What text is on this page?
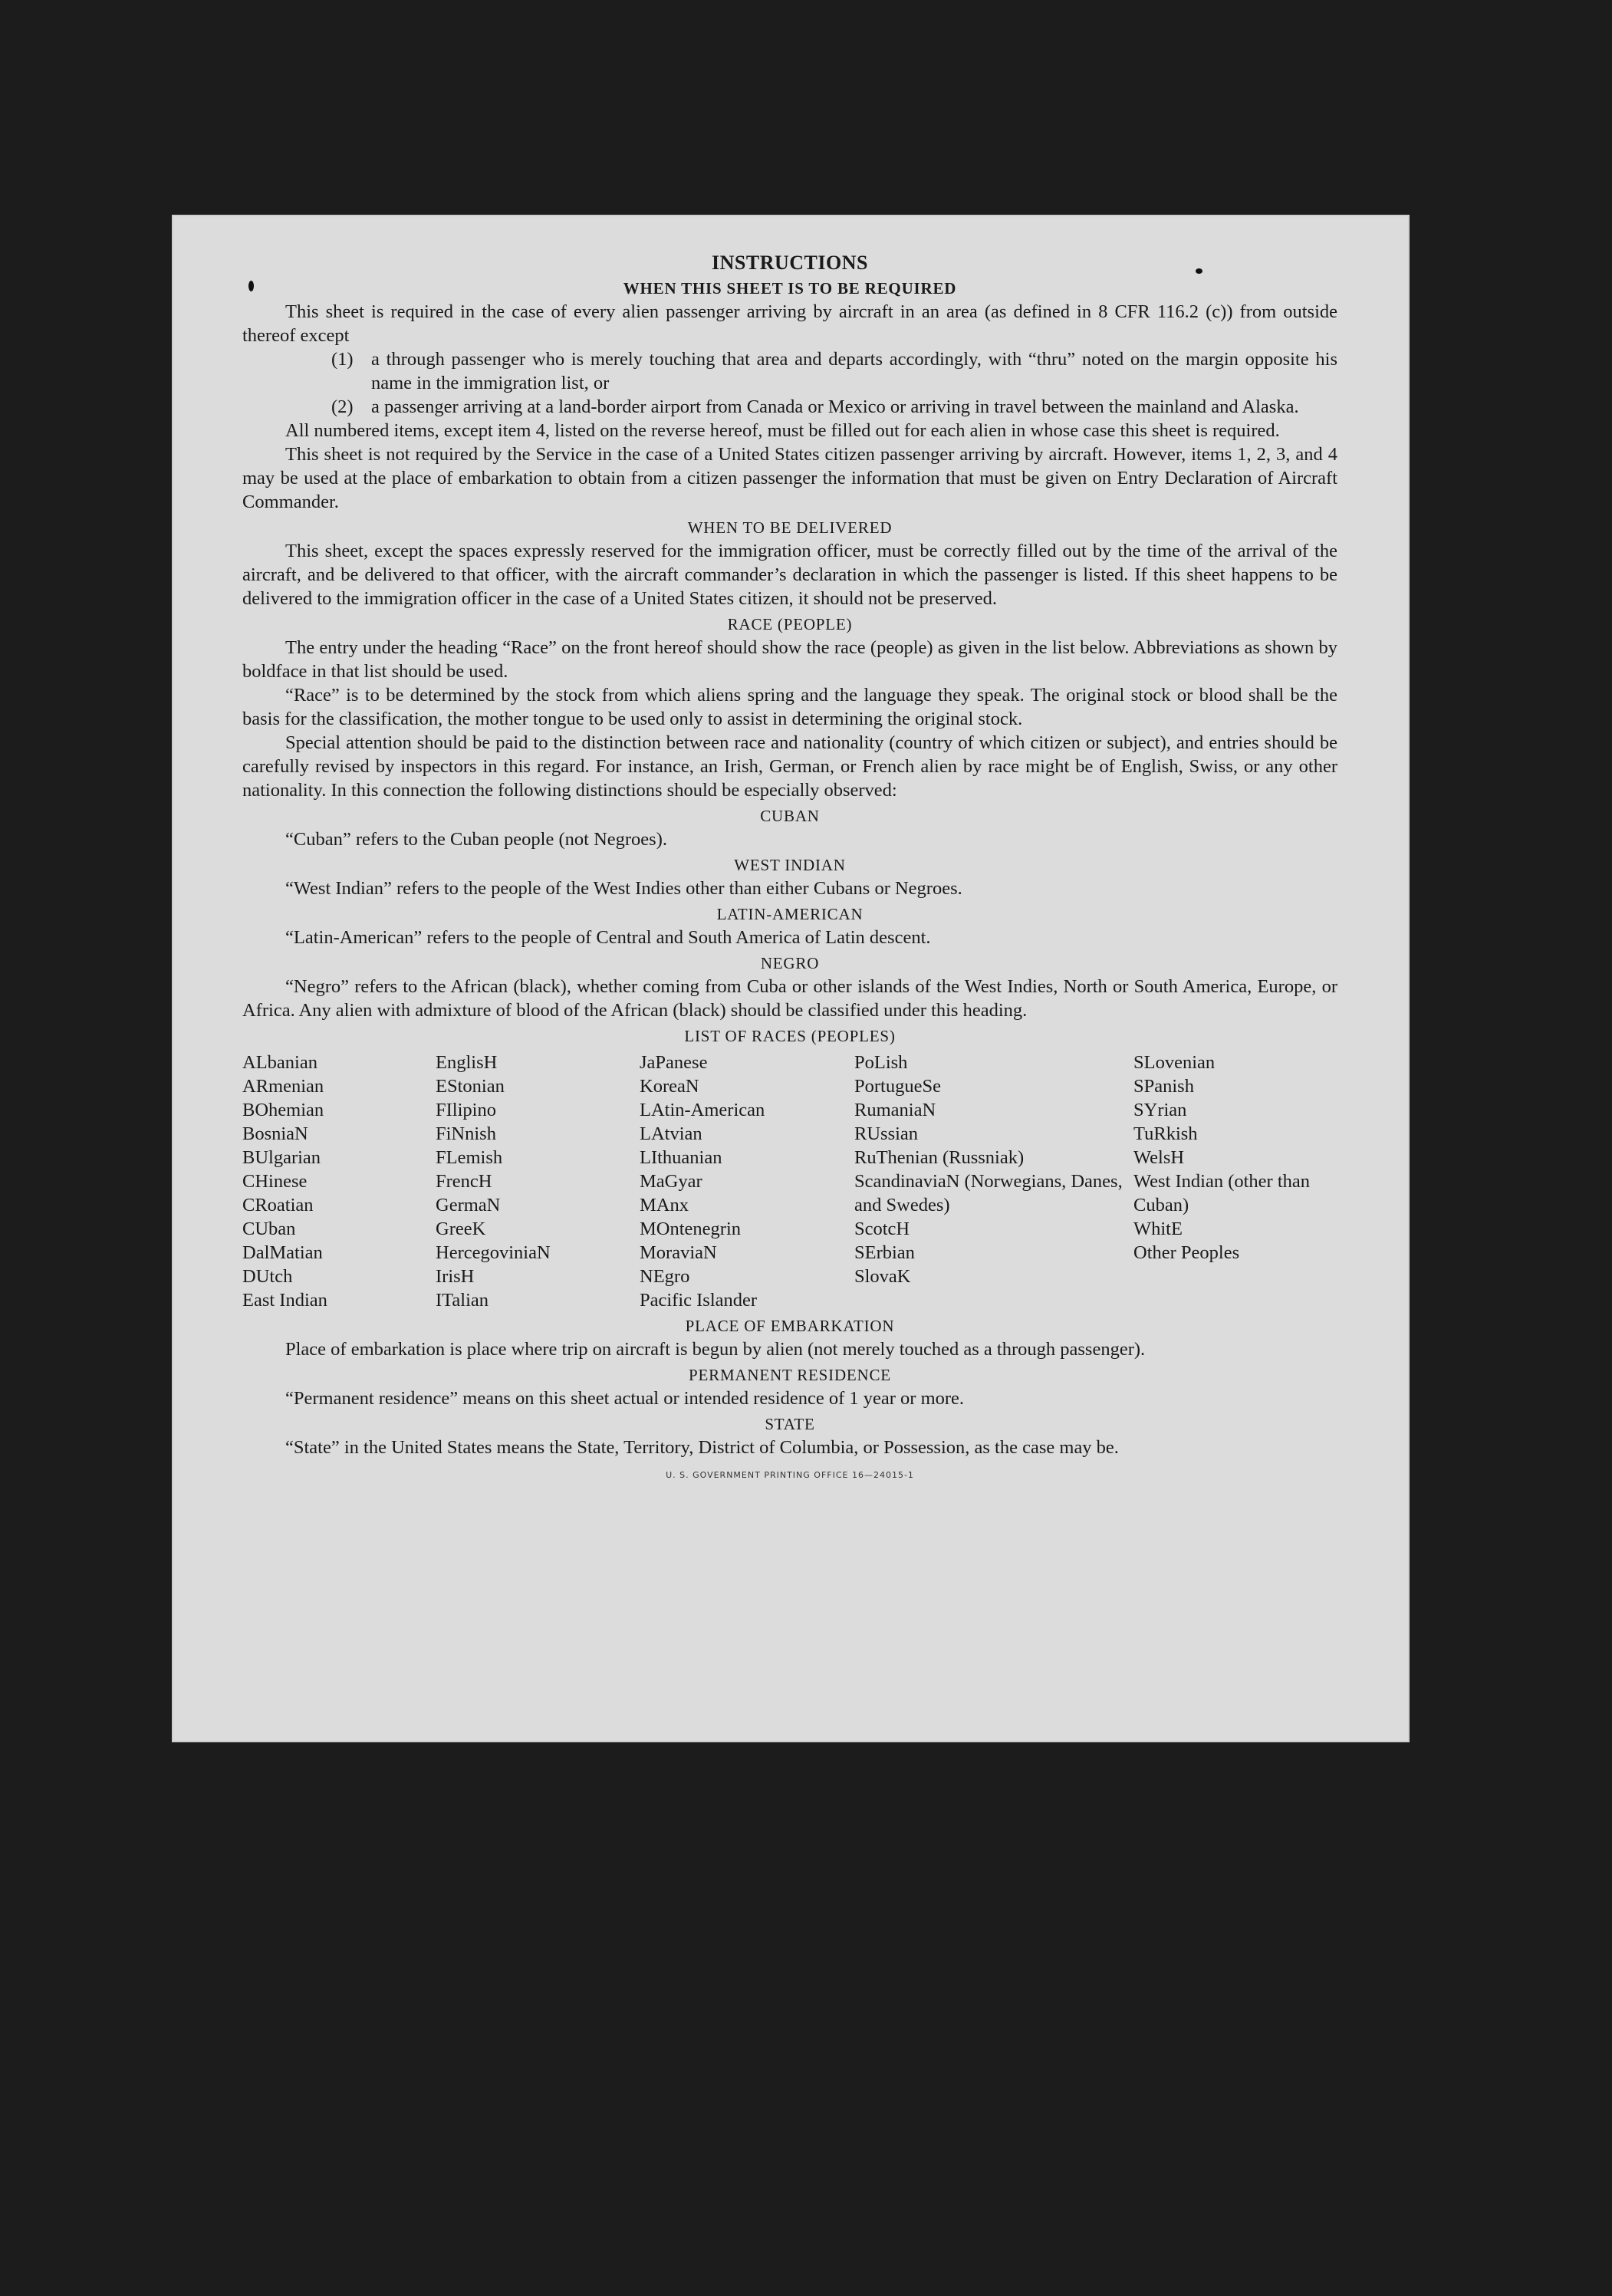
INSTRUCTIONS
WHEN THIS SHEET IS TO BE REQUIRED

This sheet is required in the case of every alien passenger arriving by aircraft in an area (as defined in 8 CFR 116.2 (c)) from outside thereof except

(1) a through passenger who is merely touching that area and departs accordingly, with “thru” noted on the margin opposite his name in the immigration list, or
(2) a passenger arriving at a land-border airport from Canada or Mexico or arriving in travel between the mainland and Alaska.

All numbered items, except item 4, listed on the reverse hereof, must be filled out for each alien in whose case this sheet is required.

This sheet is not required by the Service in the case of a United States citizen passenger arriving by aircraft. However, items 1, 2, 3, and 4 may be used at the place of embarkation to obtain from a citizen passenger the information that must be given on Entry Declaration of Aircraft Commander.

WHEN TO BE DELIVERED

This sheet, except the spaces expressly reserved for the immigration officer, must be correctly filled out by the time of the arrival of the aircraft, and be delivered to that officer, with the aircraft commander’s declaration in which the passenger is listed. If this sheet happens to be delivered to the immigration officer in the case of a United States citizen, it should not be preserved.

RACE (PEOPLE)

The entry under the heading “Race” on the front hereof should show the race (people) as given in the list below. Abbreviations as shown by boldface in that list should be used.

“Race” is to be determined by the stock from which aliens spring and the language they speak. The original stock or blood shall be the basis for the classification, the mother tongue to be used only to assist in determining the original stock.

Special attention should be paid to the distinction between race and nationality (country of which citizen or subject), and entries should be carefully revised by inspectors in this regard. For instance, an Irish, German, or French alien by race might be of English, Swiss, or any other nationality. In this connection the following distinctions should be especially observed:

CUBAN

“Cuban” refers to the Cuban people (not Negroes).

WEST INDIAN

“West Indian” refers to the people of the West Indies other than either Cubans or Negroes.

LATIN-AMERICAN

“Latin-American” refers to the people of Central and South America of Latin descent.

NEGRO

“Negro” refers to the African (black), whether coming from Cuba or other islands of the West Indies, North or South America, Europe, or Africa. Any alien with admixture of blood of the African (black) should be classified under this heading.

LIST OF RACES (PEOPLES)
ALbanian
ARmenian
BOhemian
BosniaN
BUlgarian
CHinese
CRoatian
CUban
DalMatian
DUtch
East Indian
EnglisH
EStonian
FIlipino
FiNnish
FLemish
FrencH
GermaN
GreeK
HercegoviniaN
IrisH
ITalian
JaPanese
KoreaN
LAtin-American
LAtvian
LIthuanian
MaGyar
MAnx
MOntenegrin
MoraviaN
NEgro
Pacific Islander
PoLish
PortugueSe
RumaniaN
RUssian
RuThenian (Russniak)
ScandinaviaN (Norwegians, Danes, and Swedes)
ScotcH
SErbian
SlovaK
SLovenian
SPanish
SYrian
TuRkish
WelsH
West Indian (other than Cuban)
WhitE
Other Peoples
PLACE OF EMBARKATION

Place of embarkation is place where trip on aircraft is begun by alien (not merely touched as a through passenger).

PERMANENT RESIDENCE

“Permanent residence” means on this sheet actual or intended residence of 1 year or more.

STATE

“State” in the United States means the State, Territory, District of Columbia, or Possession, as the case may be.

U. S. GOVERNMENT PRINTING OFFICE 16—24015-1
